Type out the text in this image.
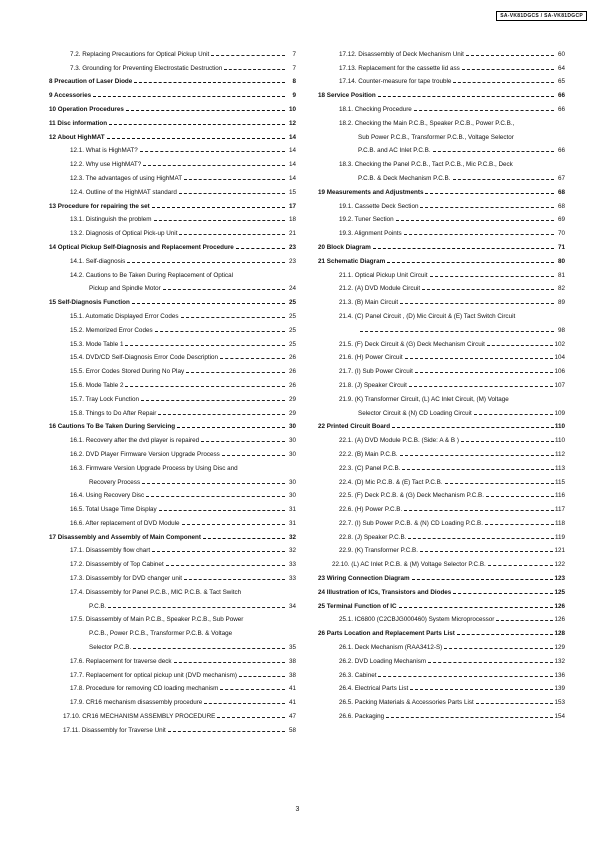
SA-VK81DGCS / SA-VK81DGCP
7.2. Replacing Precautions for Optical Pickup Unit	7
7.3. Grounding for Preventing Electrostatic Destruction	7
8 Precaution of Laser Diode	8
9 Accessories	9
10 Operation Procedures	10
11 Disc information	12
12 About HighMAT	14
12.1. What is HighMAT?	14
12.2. Why use HighMAT?	14
12.3. The advantages of using HighMAT	14
12.4. Outline of the HighMAT standard	15
13 Procedure for repairing the set	17
13.1. Distinguish the problem	18
13.2. Diagnosis of Optical Pick-up Unit	21
14 Optical Pickup Self-Diagnosis and Replacement Procedure	23
14.1. Self-diagnosis	23
14.2. Cautions to Be Taken During Replacement of Optical
Pickup and Spindle Motor	24
15 Self-Diagnosis Function	25
15.1. Automatic Displayed Error Codes	25
15.2. Memorized Error Codes	25
15.3. Mode Table 1	25
15.4. DVD/CD Self-Diagnosis Error Code Description	26
15.5. Error Codes Stored During No Play	26
15.6. Mode Table 2	26
15.7. Tray Lock Function	29
15.8. Things to Do After Repair	29
16 Cautions To Be Taken During Servicing	30
16.1. Recovery after the dvd player is repaired	30
16.2. DVD Player Firmware Version Upgrade Process	30
16.3. Firmware Version Upgrade Process by Using Disc and
Recovery Process	30
16.4. Using Recovery Disc	30
16.5. Total Usage Time Display	31
16.6. After replacement of DVD Module	31
17 Disassembly and Assembly of Main Component	32
17.1. Disassembly flow chart	32
17.2. Disassembly of Top Cabinet	33
17.3. Disassembly for DVD changer unit	33
17.4. Disassembly for Panel P.C.B., MIC P.C.B. & Tact Switch
P.C.B.	34
17.5. Disassembly of Main P.C.B., Speaker P.C.B., Sub Power
P.C.B., Power P.C.B., Transformer P.C.B. & Voltage
Selector P.C.B.	35
17.6. Replacement for traverse deck	38
17.7. Replacement for optical pickup unit (DVD mechanism)	38
17.8. Procedure for removing CD loading mechanism	41
17.9. CR16 mechanism disassembly procedure	41
17.10. CR16 MECHANISM ASSEMBLY PROCEDURE	47
17.11. Disassembly for Traverse Unit	58
17.12. Disassembly of Deck Mechanism Unit	60
17.13. Replacement for the cassette lid ass	64
17.14. Counter-measure for tape trouble	65
18 Service Position	66
18.1. Checking Procedure	66
18.2. Checking the Main P.C.B., Speaker P.C.B., Power P.C.B.,
Sub Power P.C.B., Transformer P.C.B., Voltage Selector
P.C.B. and AC Inlet P.C.B.	66
18.3. Checking the Panel P.C.B., Tact P.C.B., Mic P.C.B., Deck
P.C.B. & Deck Mechanism P.C.B.	67
19 Measurements and Adjustments	68
19.1. Cassette Deck Section	68
19.2. Tuner Section	69
19.3. Alignment Points	70
20 Block Diagram	71
21 Schematic Diagram	80
21.1. Optical Pickup Unit Circuit	81
21.2. (A) DVD Module Circuit	82
21.3. (B) Main Circuit	89
21.4. (C) Panel Circuit , (D) Mic Circuit & (E) Tact Switch Circuit
98
21.5. (F) Deck Circuit & (G) Deck Mechanism Circuit	102
21.6. (H) Power Circuit	104
21.7. (I) Sub Power Circuit	106
21.8. (J) Speaker Circuit	107
21.9. (K) Transformer Circuit, (L) AC Inlet Circuit, (M) Voltage
Selector Circuit & (N) CD Loading Circuit	109
22 Printed Circuit Board	110
22.1. (A) DVD Module P.C.B. (Side: A & B )	110
22.2. (B) Main P.C.B.	112
22.3. (C) Panel P.C.B.	113
22.4. (D) Mic P.C.B. & (E) Tact P.C.B.	115
22.5. (F) Deck P.C.B. & (G) Deck Mechanism P.C.B.	116
22.6. (H) Power P.C.B.	117
22.7. (I) Sub Power P.C.B. & (N) CD Loading P.C.B.	118
22.8. (J) Speaker P.C.B.	119
22.9. (K) Transformer P.C.B.	121
22.10. (L) AC Inlet P.C.B. & (M) Voltage Selector P.C.B.	122
23 Wiring Connection Diagram	123
24 Illustration of ICs, Transistors and Diodes	125
25 Terminal Function of IC	126
25.1. IC6800 (C2CBJG000460) System Microprocessor	126
26 Parts Location and Replacement Parts List	128
26.1. Deck Mechanism (RAA3412-S)	129
26.2. DVD Loading Mechanism	132
26.3. Cabinet	136
26.4. Electrical Parts List	139
26.5. Packing Materials & Accessories Parts List	153
26.6. Packaging	154
3
